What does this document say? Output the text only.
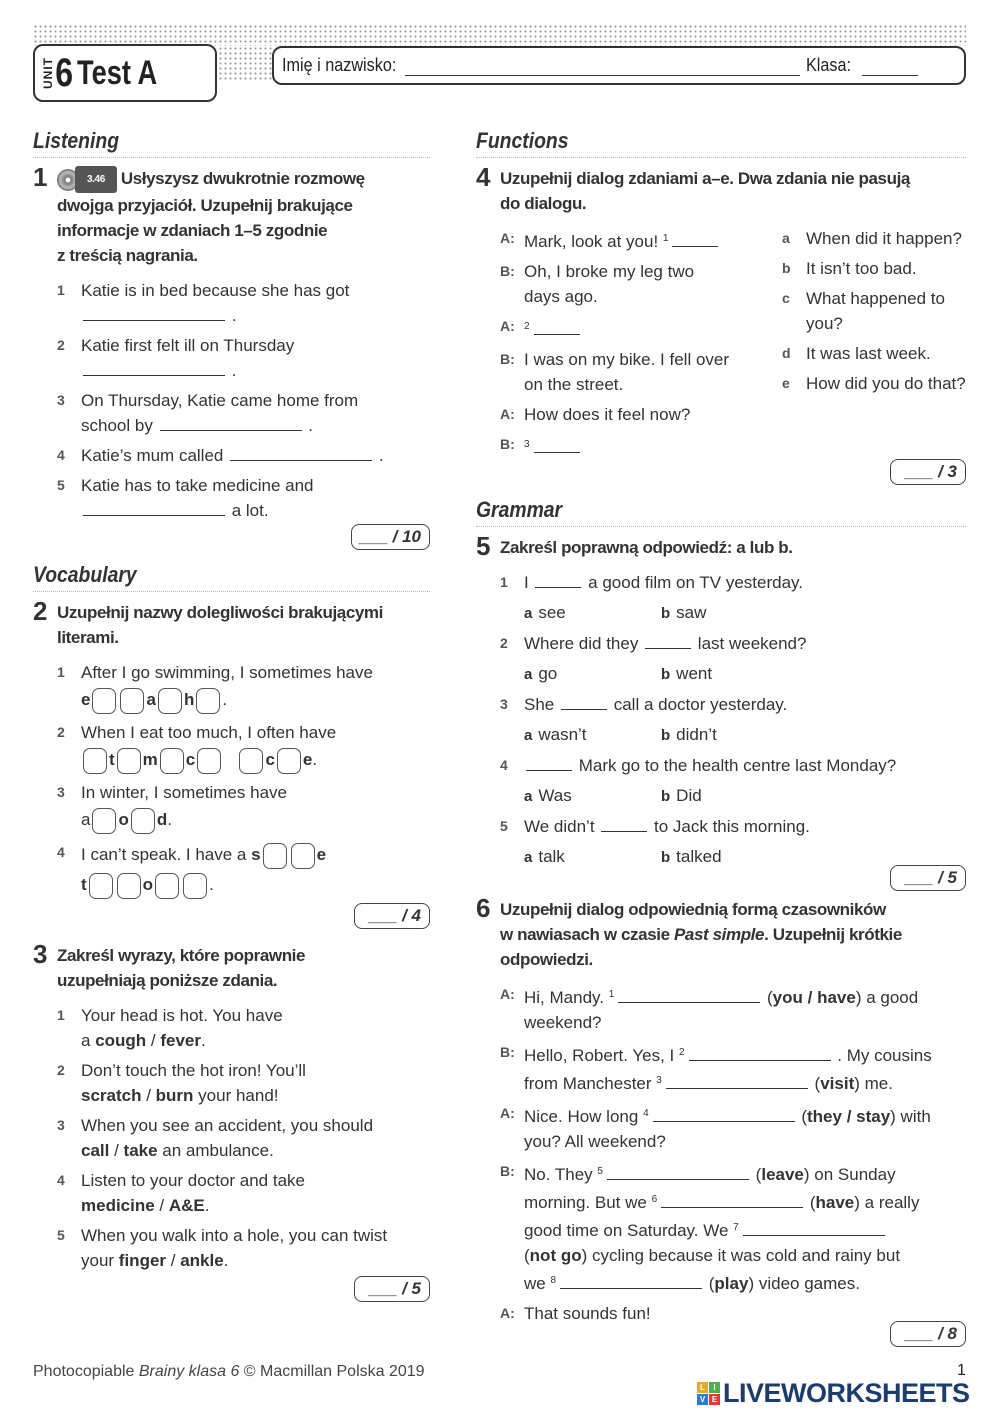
UNIT 6 Test A	Imię i nazwisko:	Klasa:
Listening
1	3.46 Usłyszysz dwukrotnie rozmowę
dwojga przyjaciół. Uzupełnij brakujące
informacje w zdaniach 1–5 zgodnie
z treścią nagrania.
1 Katie is in bed because she has got
.
2 Katie first felt ill on Thursday
.
3 On Thursday, Katie came home from
school by	.
4 Katie’s mum called	.
5 Katie has to take medicine and
a lot.
___ / 10
Vocabulary
2 Uzupełnij nazwy dolegliwości brakującymi
literami.
1 After I go swimming, I sometimes have
e	a h .
2 When I eat too much, I often have
t m c	c e.
3 In winter, I sometimes have
a o d.
4 I can’t speak. I have a s	e
t	o	.
___ / 4
3 Zakreśl wyrazy, które poprawnie
uzupełniają poniższe zdania.
1 Your head is hot. You have
a cough / fever.
2 Don’t touch the hot iron! You’ll
scratch / burn your hand!
3 When you see an accident, you should
call / take an ambulance.
4 Listen to your doctor and take
medicine / A&E.
5 When you walk into a hole, you can twist
your finger / ankle.
___ / 5
Functions
4 Uzupełnij dialog zdaniami a–e. Dwa zdania nie pasują
do dialogu.
A: Mark, look at you! $^1$
B: Oh, I broke my leg two
days ago.
A: $^2$
B: I was on my bike. I fell over
on the street.
A: How does it feel now?
B: $^3$
a When did it happen?
b It isn’t too bad.
c What happened to
you?
d It was last week.
e How did you do that?
___ / 3
Grammar
5 Zakreśl poprawną odpowiedź: a lub b.
1 I	a good film on TV yesterday.
a see	b saw
2 Where did they	last weekend?
a go	b went
3 She	call a doctor yesterday.
a wasn’t	b didn’t
4	Mark go to the health centre last Monday?
a Was	b Did
5 We didn’t	to Jack this morning.
a talk	b talked
___ / 5
6 Uzupełnij dialog odpowiednią formą czasowników
w nawiasach w czasie Past simple. Uzupełnij krótkie
odpowiedzi.
A: Hi, Mandy. $^1$	(you / have) a good
weekend?
B: Hello, Robert. Yes, I $^2$	. My cousins
from Manchester $^3$	(visit) me.
A: Nice. How long $^4$	(they / stay) with
you? All weekend?
B: No. They $^5$	(leave) on Sunday
morning. But we $^6$	(have) a really
good time on Saturday. We $^7$
(not go) cycling because it was cold and rainy but
we $^8$	(play) video games.
A: That sounds fun!
___ / 8
Photocopiable Brainy klasa 6 © Macmillan Polska 2019	1
L	I
V E LIVEWORKSHEETS
